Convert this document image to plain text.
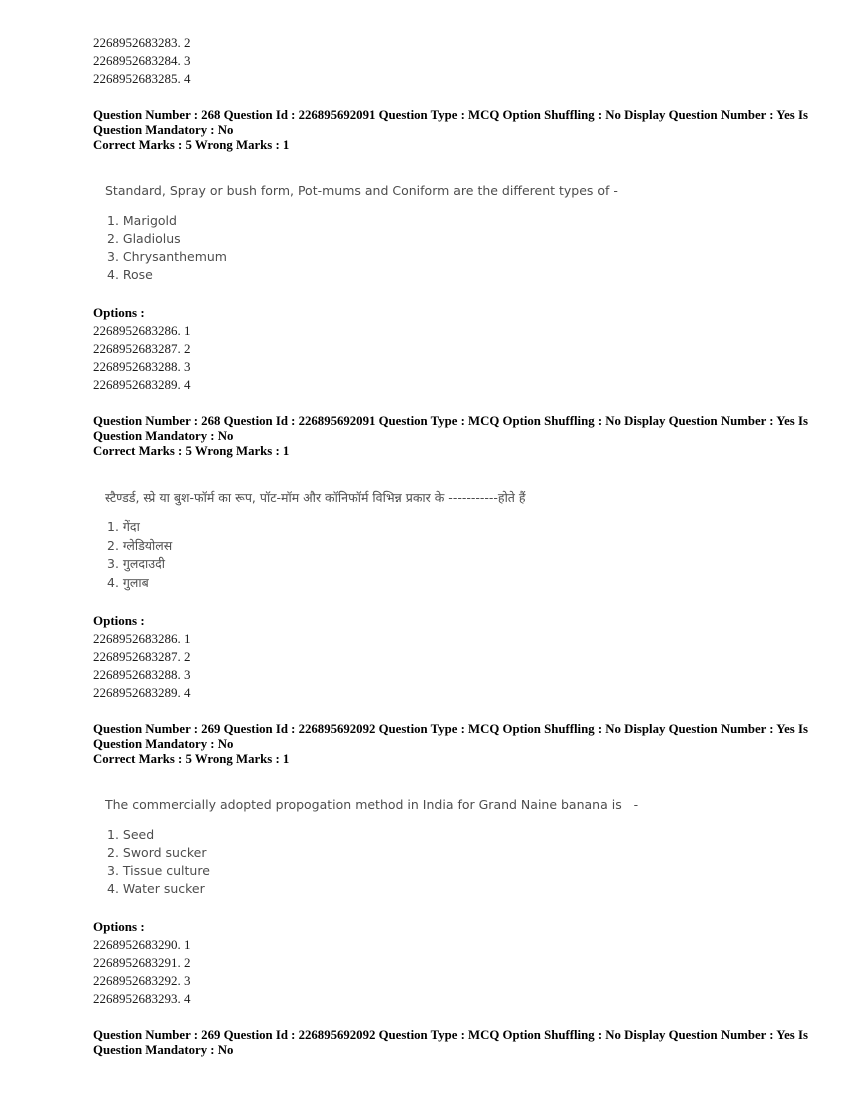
2268952683283. 2
2268952683284. 3
2268952683285. 4
Question Number : 268 Question Id : 226895692091 Question Type : MCQ Option Shuffling : No Display Question Number : Yes Is
Question Mandatory : No
Correct Marks : 5 Wrong Marks : 1
Standard, Spray or bush form, Pot-mums and Coniform are the different types of -
1. Marigold
2. Gladiolus
3. Chrysanthemum
4. Rose
Options :
2268952683286. 1
2268952683287. 2
2268952683288. 3
2268952683289. 4
Question Number : 268 Question Id : 226895692091 Question Type : MCQ Option Shuffling : No Display Question Number : Yes Is
Question Mandatory : No
Correct Marks : 5 Wrong Marks : 1
स्टैण्डर्ड, स्प्रे या बुश-फॉर्म का रूप, पॉट-मॉम और कॉनिफॉर्म विभिन्न प्रकार के -----------होते हैं
1. गेंदा
2. ग्लेडियोलस
3. गुलदाउदी
4. गुलाब
Options :
2268952683286. 1
2268952683287. 2
2268952683288. 3
2268952683289. 4
Question Number : 269 Question Id : 226895692092 Question Type : MCQ Option Shuffling : No Display Question Number : Yes Is
Question Mandatory : No
Correct Marks : 5 Wrong Marks : 1
The commercially adopted propogation method in India for Grand Naine banana is   -
1. Seed
2. Sword sucker
3. Tissue culture
4. Water sucker
Options :
2268952683290. 1
2268952683291. 2
2268952683292. 3
2268952683293. 4
Question Number : 269 Question Id : 226895692092 Question Type : MCQ Option Shuffling : No Display Question Number : Yes Is
Question Mandatory : No
